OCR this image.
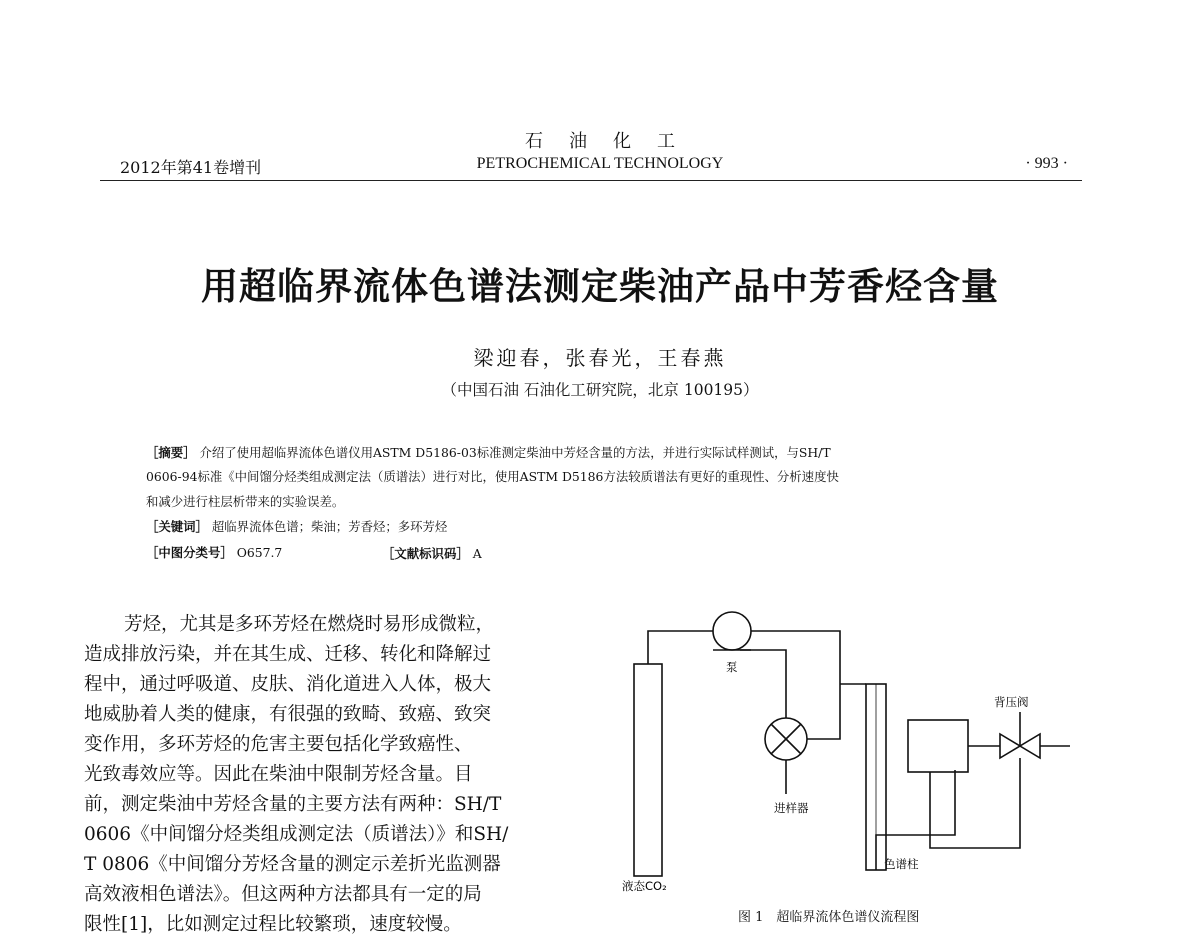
石油化工
2012年第41卷增刊	PETROCHEMICAL TECHNOLOGY	· 993 ·
用超临界流体色谱法测定柴油产品中芳香烃含量
梁迎春，张春光，王春燕
（中国石油 石油化工研究院，北京 100195）
［摘要］ 介绍了使用超临界流体色谱仪用ASTM D5186-03标准测定柴油中芳烃含量的方法，并进行实际试样测试，与SH/T
0606-94标准《中间馏分烃类组成测定法（质谱法）进行对比，使用ASTM D5186方法较质谱法有更好的重现性、分析速度快
和减少进行柱层析带来的实验误差。
［关键词］ 超临界流体色谱；柴油；芳香烃；多环芳烃
［中图分类号］ O657.7	［文献标识码］ A
芳烃，尤其是多环芳烃在燃烧时易形成微粒，
造成排放污染，并在其生成、迁移、转化和降解过
程中，通过呼吸道、皮肤、消化道进入人体，极大
地威胁着人类的健康，有很强的致畸、致癌、致突
变作用，多环芳烃的危害主要包括化学致癌性、
光致毒效应等。因此在柴油中限制芳烃含量。目
前，测定柴油中芳烃含量的主要方法有两种：SH/T
0606《中间馏分烃类组成测定法（质谱法）》和SH/
T 0806《中间馏分芳烃含量的测定示差折光监测器
高效液相色谱法》。但这两种方法都具有一定的局
限性[1]，比如测定过程比较繁琐，速度较慢。
泵
进样器
色谱柱
背压阀
液态CO₂
图 1　超临界流体色谱仪流程图
